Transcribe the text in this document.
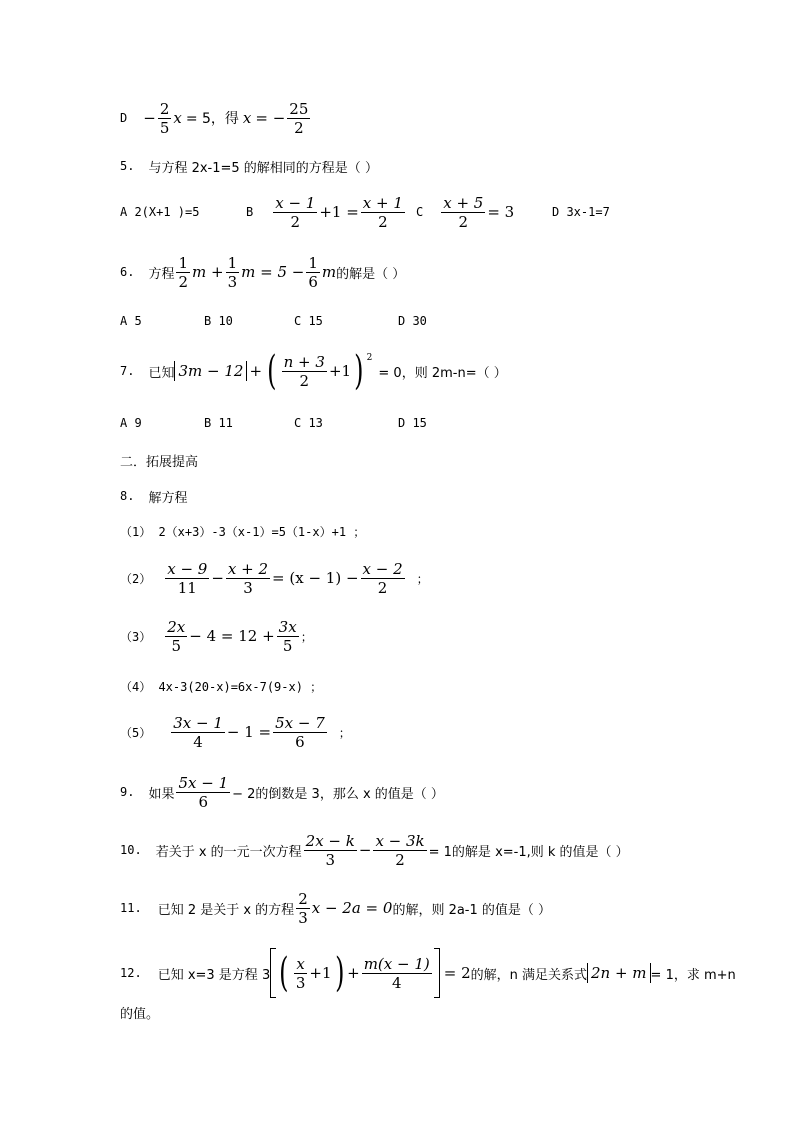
$D - \frac{2}{5}$ x = 5，得 x = − $\frac{25}{2}$
5. 与方程 2x-1=5 的解相同的方程是（ ）
A 2(X+1 )=5	B $\frac{x - 1}{2} +1 = \frac{x + 1}{2}$ C $\frac{x + 5}{2} = 3$	D 3x-1=7
6. 方程 $\frac{1}{2}$ $m + \frac{1}{3}$ $m = 5 - \frac{1}{6}$ m 的解是（ ）
A 5	B 10	C 15	D 30
7. 已知 3m − 12 + ( $\frac{n + 3}{2} +1$ ) $^2$
= 0，则 2m-n=（ ）
A 9	B 11	C 13	D 15
二．拓展提高
8. 解方程
（1） 2（x+3）-3（x-1）=5（1-x）+1 ；
$(2) \frac{x - 9}{11} - \frac{x + 2}{3} = (x - 1) - \frac{x - 2}{2}$ ；
$(3) \frac{2x}{5} - 4 = 12 + \frac{3x}{5}$ ；
（4） 4x-3(20-x)=6x-7(9-x) ；
$(5) \frac{3x - 1}{4} - 1 = \frac{5x - 7}{6}$ ；
9. 如果 $\frac{5x - 1}{6} - 2$的倒数是 3，那么 x 的值是（ ）
10. 若关于 x 的一元一次方程 $\frac{2x - k}{3} - \frac{x - 3k}{2} = 1$的解是 x=-1,则 k 的值是（ ）
11. 已知 2 是关于 x 的方程 $\frac{2}{3}$ x − 2a = 0 的解，则 2a-1 的值是（ ）
12. 已知 x=3 是方程 3 ( $\frac{x}{3} +1$ ) + $\frac{m(x - 1)}{4} = 2$ 的解，n 满足关系式 2n + m = 1，求 m+n
的值。
